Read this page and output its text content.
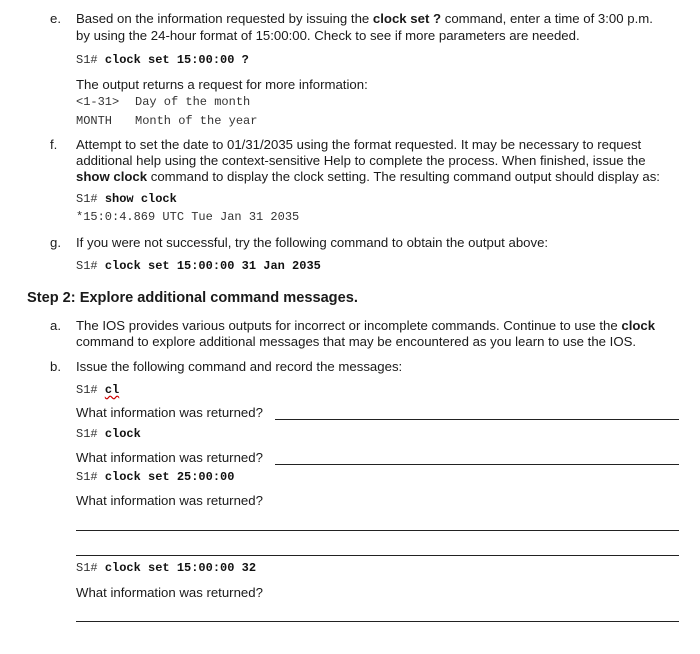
e. Based on the information requested by issuing the clock set ? command, enter a time of 3:00 p.m.
by using the 24-hour format of 15:00:00. Check to see if more parameters are needed.
S1# clock set 15:00:00 ?
The output returns a request for more information:
<1-31> Day of the month
MONTH Month of the year
f. Attempt to set the date to 01/31/2035 using the format requested. It may be necessary to request
additional help using the context-sensitive Help to complete the process. When finished, issue the
show clock command to display the clock setting. The resulting command output should display as:
S1# show clock
*15:0:4.869 UTC Tue Jan 31 2035
g. If you were not successful, try the following command to obtain the output above:
S1# clock set 15:00:00 31 Jan 2035
Step 2: Explore additional command messages.
a. The IOS provides various outputs for incorrect or incomplete commands. Continue to use the clock
command to explore additional messages that may be encountered as you learn to use the IOS.
b. Issue the following command and record the messages:
S1# cl
What information was returned?
S1# clock
What information was returned?
S1# clock set 25:00:00
What information was returned?
S1# clock set 15:00:00 32
What information was returned?
